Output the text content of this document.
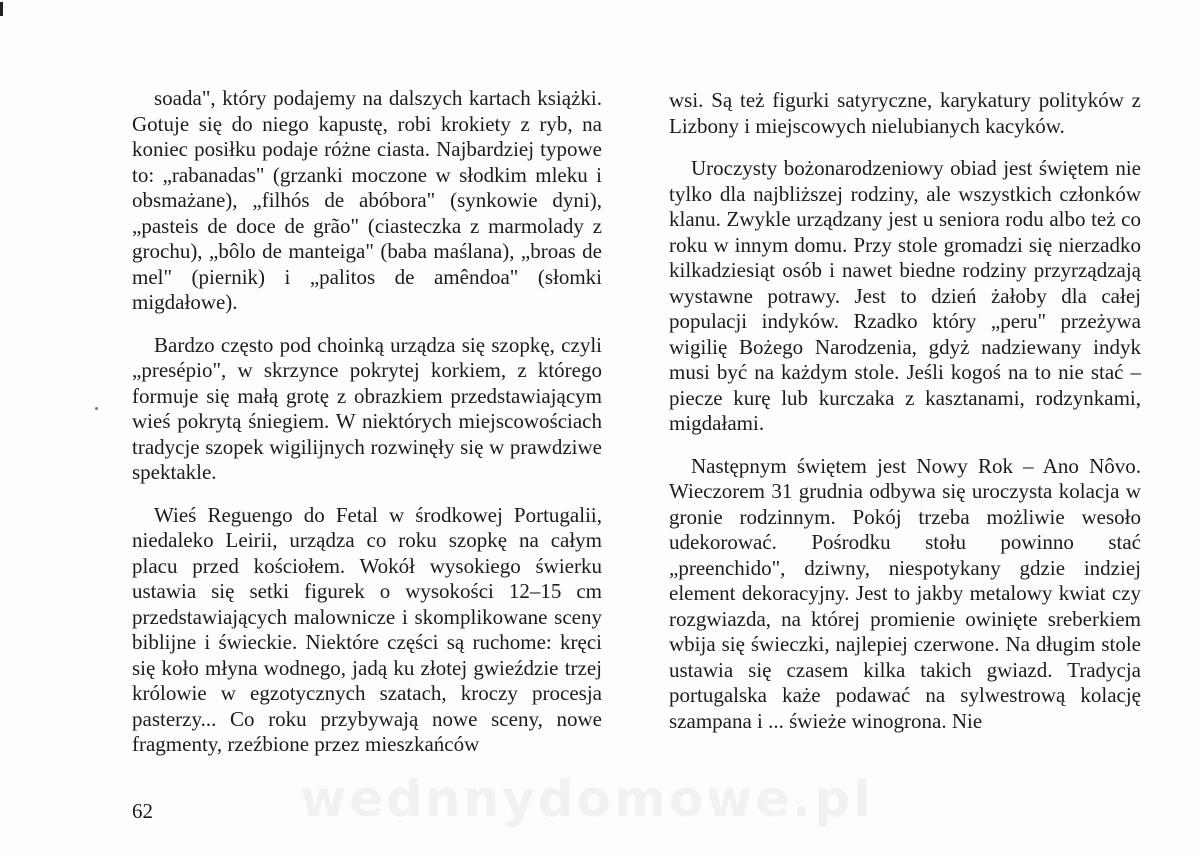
soada", który podajemy na dalszych kartach książki. Gotuje się do niego kapustę, robi krokiety z ryb, na koniec posiłku podaje różne ciasta. Najbardziej typowe to: „rabanadas" (grzanki moczone w słodkim mleku i obsmażane), „filhós de abóbora" (synkowie dyni), „pasteis de doce de grão" (ciasteczka z marmolady z grochu), „bôlo de manteiga" (baba maślana), „broas de mel" (piernik) i „palitos de amêndoa" (słomki migdałowe).

Bardzo często pod choinką urządza się szopkę, czyli „presépio", w skrzynce pokrytej korkiem, z którego formuje się małą grotę z obrazkiem przedstawiającym wieś pokrytą śniegiem. W niektórych miejscowościach tradycje szopek wigilijnych rozwinęły się w prawdziwe spektakle.

Wieś Reguengo do Fetal w środkowej Portugalii, niedaleko Leirii, urządza co roku szopkę na całym placu przed kościołem. Wokół wysokiego świerku ustawia się setki figurek o wysokości 12–15 cm przedstawiających malownicze i skomplikowane sceny biblijne i świeckie. Niektóre części są ruchome: kręci się koło młyna wodnego, jadą ku złotej gwieździe trzej królowie w egzotycznych szatach, kroczy procesja pasterzy... Co roku przybywają nowe sceny, nowe fragmenty, rzeźbione przez mieszkańców

wsi. Są też figurki satyryczne, karykatury polityków z Lizbony i miejscowych nielubianych kacyków.

Uroczysty bożonarodzeniowy obiad jest świętem nie tylko dla najbliższej rodziny, ale wszystkich członków klanu. Zwykle urządzany jest u seniora rodu albo też co roku w innym domu. Przy stole gromadzi się nierzadko kilkadziesiąt osób i nawet biedne rodziny przyrządzają wystawne potrawy. Jest to dzień żałoby dla całej populacji indyków. Rzadko który „peru" przeżywa wigilię Bożego Narodzenia, gdyż nadziewany indyk musi być na każdym stole. Jeśli kogoś na to nie stać – piecze kurę lub kurczaka z kasztanami, rodzynkami, migdałami.

Następnym świętem jest Nowy Rok – Ano Nôvo. Wieczorem 31 grudnia odbywa się uroczysta kolacja w gronie rodzinnym. Pokój trzeba możliwie wesoło udekorować. Pośrodku stołu powinno stać „preenchido", dziwny, niespotykany gdzie indziej element dekoracyjny. Jest to jakby metalowy kwiat czy rozgwiazda, na której promienie owinięte sreberkiem wbija się świeczki, najlepiej czerwone. Na długim stole ustawia się czasem kilka takich gwiazd. Tradycja portugalska każe podawać na sylwestrową kolację szampana i ... świeże winogrona. Nie

62	wednnydomowe.pl
